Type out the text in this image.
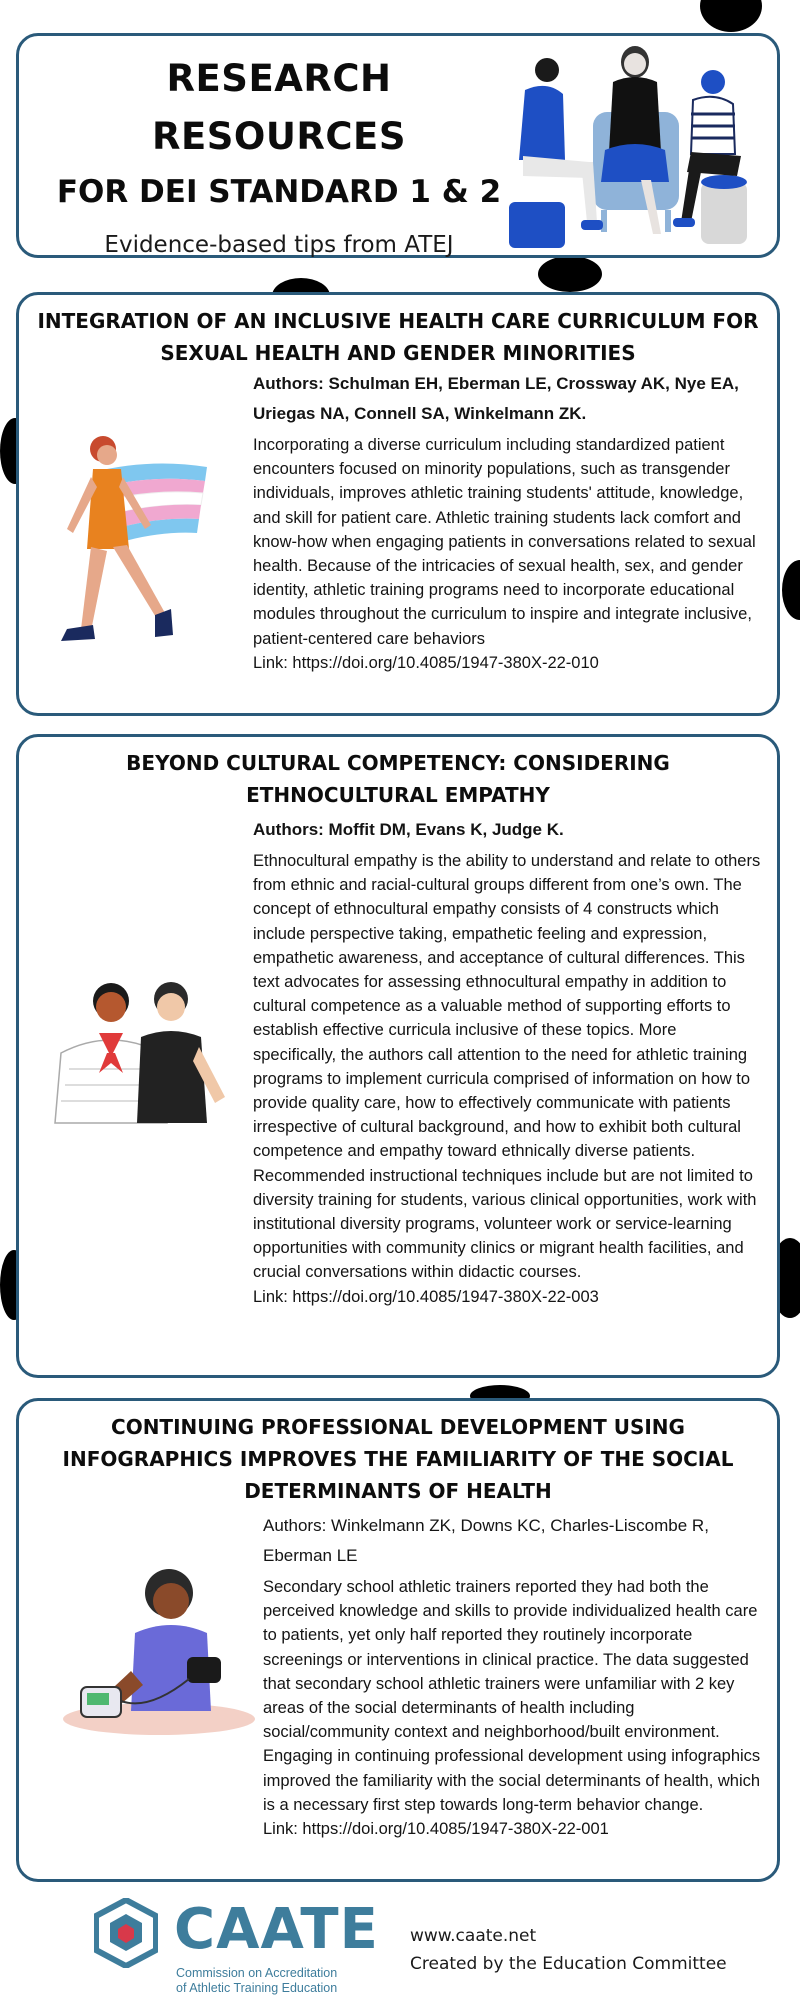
RESEARCH
RESOURCES
FOR DEI STANDARD 1 & 2
Evidence-based tips from ATEJ
INTEGRATION OF AN INCLUSIVE HEALTH CARE CURRICULUM FOR SEXUAL HEALTH AND GENDER MINORITIES
Authors: Schulman EH, Eberman LE, Crossway AK, Nye EA, Uriegas NA, Connell SA, Winkelmann ZK.

Incorporating a diverse curriculum including standardized patient encounters focused on minority populations, such as transgender individuals, improves athletic training students' attitude, knowledge, and skill for patient care. Athletic training students lack comfort and know-how when engaging patients in conversations related to sexual health. Because of the intricacies of sexual health, sex, and gender identity, athletic training programs need to incorporate educational modules throughout the curriculum to inspire and integrate inclusive, patient-centered care behaviors

Link: https://doi.org/10.4085/1947-380X-22-010
BEYOND CULTURAL COMPETENCY: CONSIDERING ETHNOCULTURAL EMPATHY
Authors: Moffit DM, Evans K, Judge K.

Ethnocultural empathy is the ability to understand and relate to others from ethnic and racial-cultural groups different from one’s own. The concept of ethnocultural empathy consists of 4 constructs which include perspective taking, empathetic feeling and expression, empathetic awareness, and acceptance of cultural differences. This text advocates for assessing ethnocultural empathy in addition to cultural competence as a valuable method of supporting efforts to establish effective curricula inclusive of these topics. More specifically, the authors call attention to the need for athletic training programs to implement curricula comprised of information on how to provide quality care, how to effectively communicate with patients irrespective of cultural background, and how to exhibit both cultural competence and empathy toward ethnically diverse patients. Recommended instructional techniques include but are not limited to diversity training for students, various clinical opportunities, work with institutional diversity programs, volunteer work or service-learning opportunities with community clinics or migrant health facilities, and crucial conversations within didactic courses.

Link: https://doi.org/10.4085/1947-380X-22-003
CONTINUING PROFESSIONAL DEVELOPMENT USING INFOGRAPHICS IMPROVES THE FAMILIARITY OF THE SOCIAL DETERMINANTS OF HEALTH
Authors: Winkelmann ZK, Downs KC, Charles-Liscombe R, Eberman LE

Secondary school athletic trainers reported they had both the perceived knowledge and skills to provide individualized health care to patients, yet only half reported they routinely incorporate screenings or interventions in clinical practice. The data suggested that secondary school athletic trainers were unfamiliar with 2 key areas of the social determinants of health including social/community context and neighborhood/built environment. Engaging in continuing professional development using infographics improved the familiarity with the social determinants of health, which is a necessary first step towards long-term behavior change.

Link: https://doi.org/10.4085/1947-380X-22-001
CAATE
Commission on Accreditation
of Athletic Training Education
www.caate.net
Created by the Education Committee
